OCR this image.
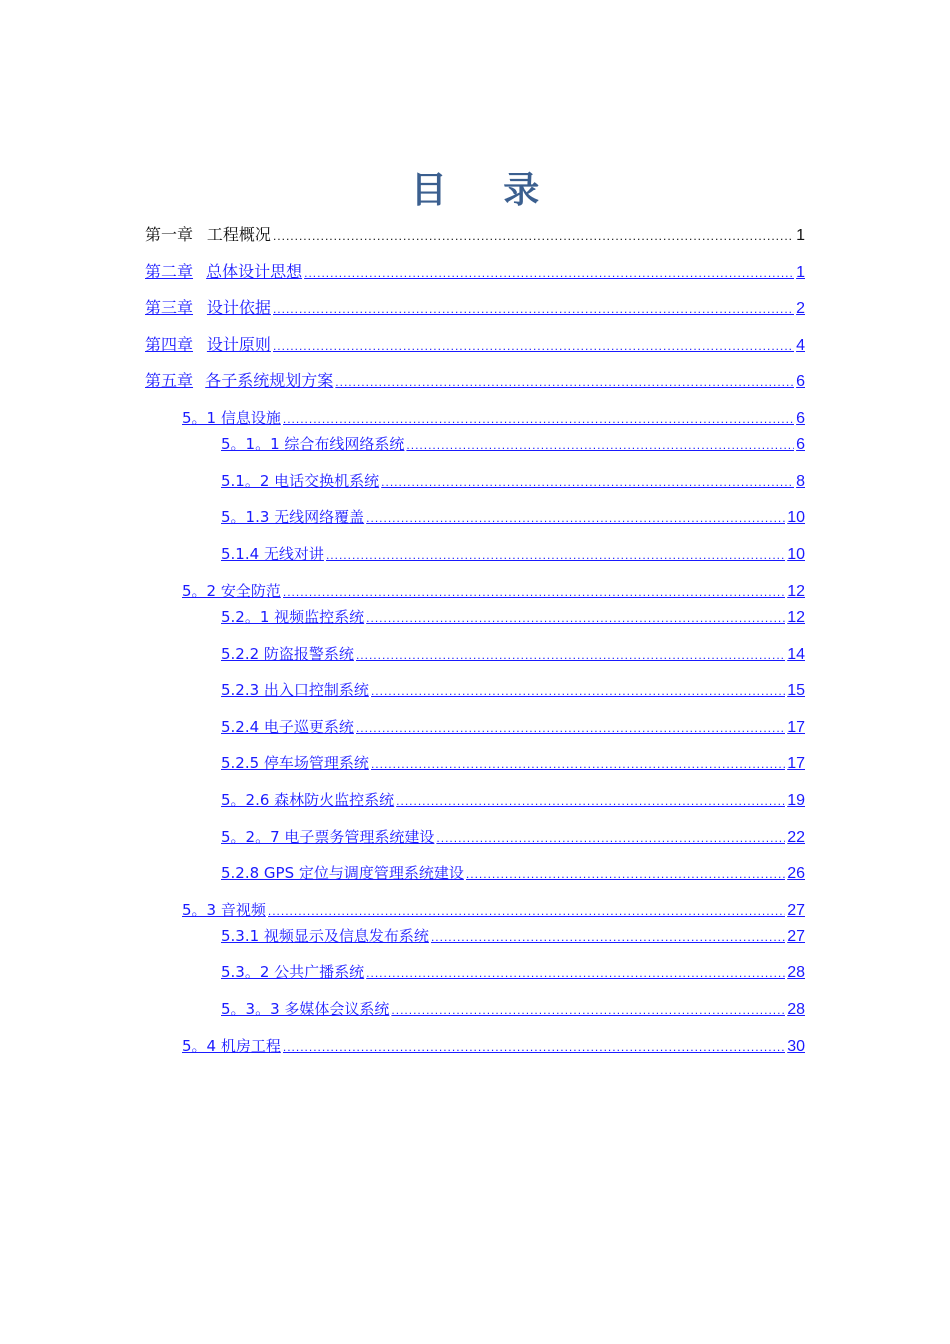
目 录
第一章 工程概况 .....	1
第二章 总体设计思想 .....	1
第三章 设计依据 .....	2
第四章 设计原则 .....	4
第五章 各子系统规划方案 .....	6
5。1 信息设施 .....	6
5。1。1 综合布线网络系统 .....	6
5.1。2 电话交换机系统 .....	8
5。1.3 无线网络覆盖 .....	10
5.1.4 无线对讲 .....	10
5。2 安全防范 .....	12
5.2。1 视频监控系统 .....	12
5.2.2 防盗报警系统 .....	14
5.2.3 出入口控制系统 .....	15
5.2.4 电子巡更系统 .....	17
5.2.5 停车场管理系统 .....	17
5。2.6 森林防火监控系统 .....	19
5。2。7 电子票务管理系统建设 .....	22
5.2.8 GPS 定位与调度管理系统建设 .....	26
5。3 音视频 .....	27
5.3.1 视频显示及信息发布系统 .....	27
5.3。2 公共广播系统 .....	28
5。3。3 多媒体会议系统 .....	28
5。4 机房工程 .....	30
